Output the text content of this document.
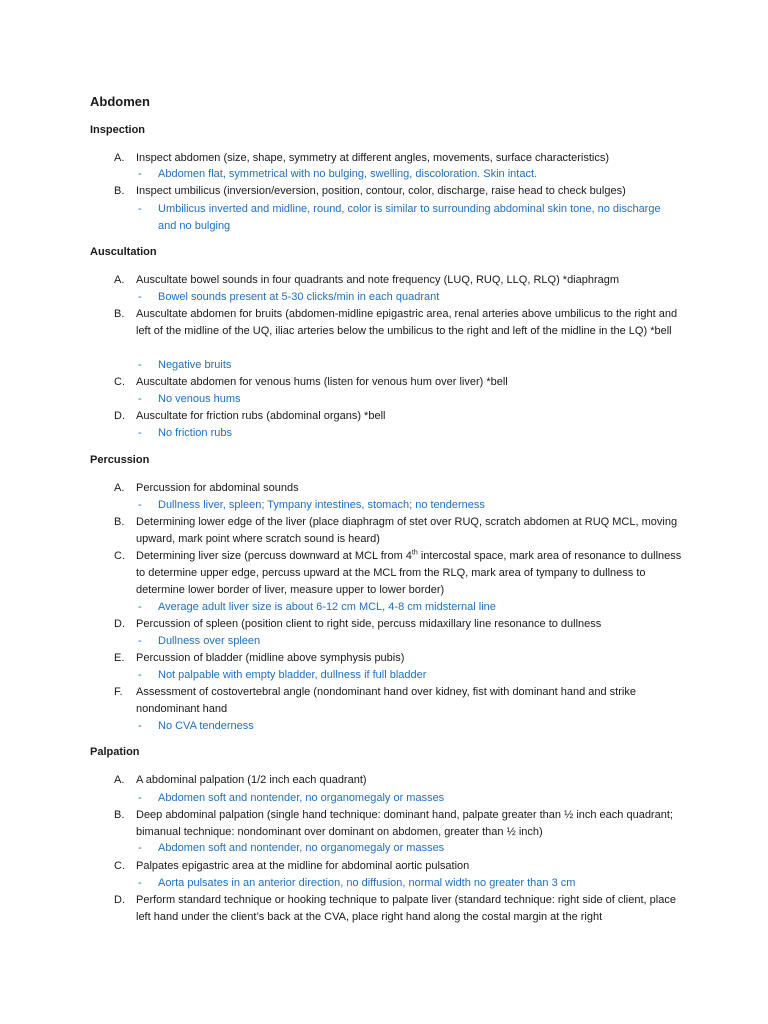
Abdomen
Inspection
A.	Inspect abdomen (size, shape, symmetry at different angles, movements, surface characteristics)
- Abdomen flat, symmetrical with no bulging, swelling, discoloration. Skin intact.
B.	Inspect umbilicus (inversion/eversion, position, contour, color, discharge, raise head to check bulges)
- Umbilicus inverted and midline, round, color is similar to surrounding abdominal skin tone, no discharge and no bulging
Auscultation
A.	Auscultate bowel sounds in four quadrants and note frequency (LUQ, RUQ, LLQ, RLQ) *diaphragm
- Bowel sounds present at 5-30 clicks/min in each quadrant
B.	Auscultate abdomen for bruits (abdomen-midline epigastric area, renal arteries above umbilicus to the right and left of the midline of the UQ, iliac arteries below the umbilicus to the right and left of the midline in the LQ) *bell
- Negative bruits
C.	Auscultate abdomen for venous hums (listen for venous hum over liver) *bell
- No venous hums
D.	Auscultate for friction rubs (abdominal organs) *bell
- No friction rubs
Percussion
A.	Percussion for abdominal sounds
- Dullness liver, spleen; Tympany intestines, stomach; no tenderness
B.	Determining lower edge of the liver (place diaphragm of stet over RUQ, scratch abdomen at RUQ MCL, moving upward, mark point where scratch sound is heard)
C.	Determining liver size (percuss downward at MCL from 4th intercostal space, mark area of resonance to dullness to determine upper edge, percuss upward at the MCL from the RLQ, mark area of tympany to dullness to determine lower border of liver, measure upper to lower border)
- Average adult liver size is about 6-12 cm MCL, 4-8 cm midsternal line
D.	Percussion of spleen (position client to right side, percuss midaxillary line resonance to dullness
- Dullness over spleen
E.	Percussion of bladder (midline above symphysis pubis)
- Not palpable with empty bladder, dullness if full bladder
F.	Assessment of costovertebral angle (nondominant hand over kidney, fist with dominant hand and strike nondominant hand
- No CVA tenderness
Palpation
A.	A abdominal palpation (1/2 inch each quadrant)
- Abdomen soft and nontender, no organomegaly or masses
B.	Deep abdominal palpation (single hand technique: dominant hand, palpate greater than ½ inch each quadrant; bimanual technique: nondominant over dominant on abdomen, greater than ½ inch)
- Abdomen soft and nontender, no organomegaly or masses
C.	Palpates epigastric area at the midline for abdominal aortic pulsation
- Aorta pulsates in an anterior direction, no diffusion, normal width no greater than 3 cm
D.	Perform standard technique or hooking technique to palpate liver (standard technique: right side of client, place left hand under the client’s back at the CVA, place right hand along the costal margin at the right
